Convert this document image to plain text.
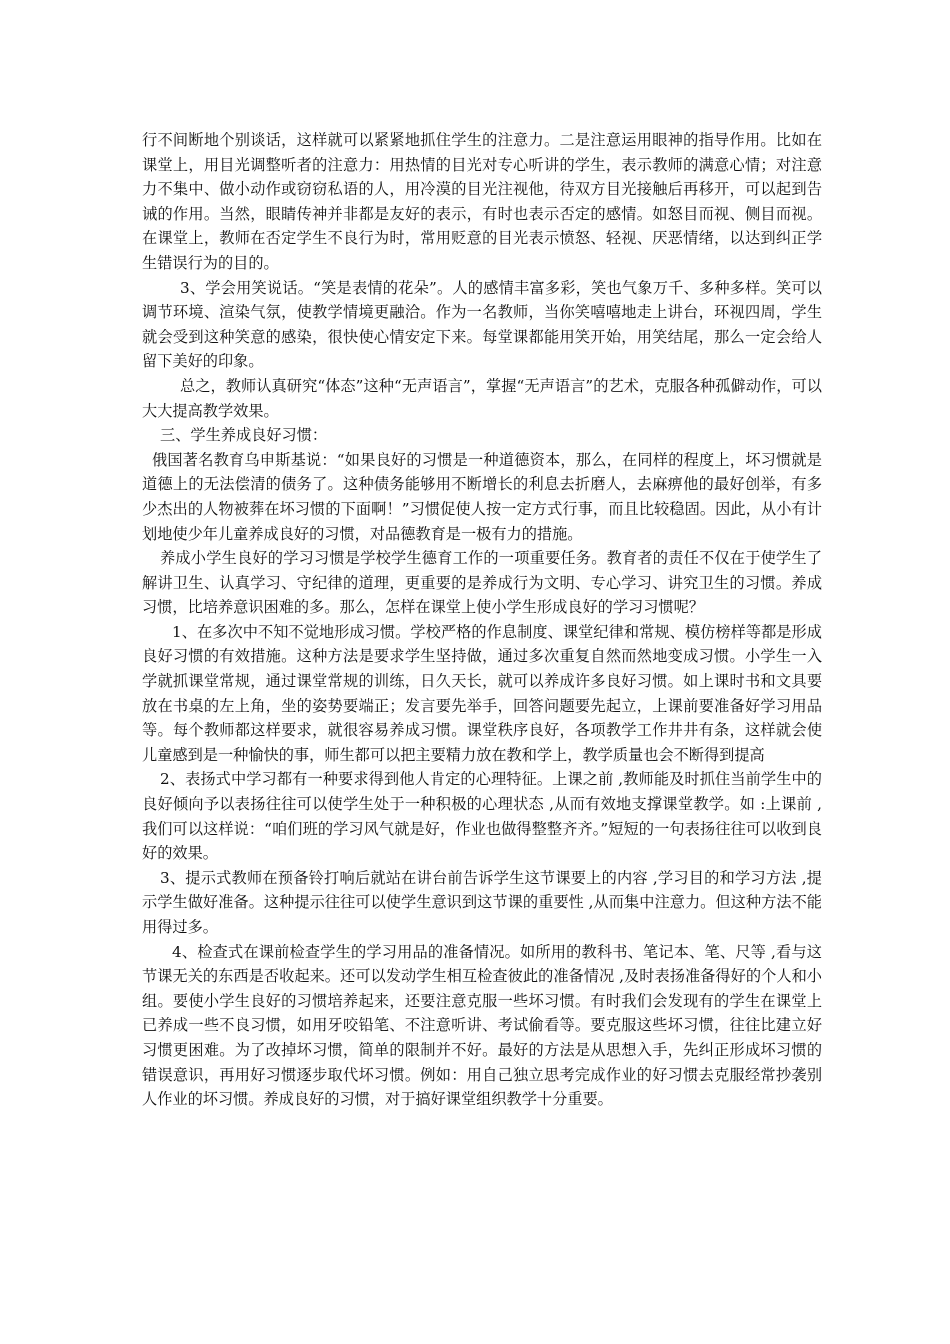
行不间断地个别谈话，这样就可以紧紧地抓住学生的注意力。二是注意运用眼神的指导作用。比如在课堂上，用目光调整听者的注意力：用热情的目光对专心听讲的学生，表示教师的满意心情；对注意力不集中、做小动作或窃窃私语的人，用冷漠的目光注视他，待双方目光接触后再移开，可以起到告诫的作用。当然，眼睛传神并非都是友好的表示，有时也表示否定的感情。如怒目而视、侧目而视。在课堂上，教师在否定学生不良行为时，常用贬意的目光表示愤怒、轻视、厌恶情绪，以达到纠正学生错误行为的目的。

3、学会用笑说话。“笑是表情的花朵”。人的感情丰富多彩，笑也气象万千、多种多样。笑可以调节环境、渲染气氛，使教学情境更融洽。作为一名教师，当你笑嘻嘻地走上讲台，环视四周，学生就会受到这种笑意的感染，很快使心情安定下来。每堂课都能用笑开始，用笑结尾，那么一定会给人留下美好的印象。

总之，教师认真研究“体态”这种“无声语言”，掌握“无声语言”的艺术，克服各种孤僻动作，可以大大提高教学效果。

三、学生养成良好习惯：

俄国著名教育乌申斯基说：“如果良好的习惯是一种道德资本，那么，在同样的程度上，坏习惯就是道德上的无法偿清的债务了。这种债务能够用不断增长的利息去折磨人，去麻痹他的最好创举，有多少杰出的人物被葬在坏习惯的下面啊！”习惯促使人按一定方式行事，而且比较稳固。因此，从小有计划地使少年儿童养成良好的习惯，对品德教育是一极有力的措施。

养成小学生良好的学习习惯是学校学生德育工作的一项重要任务。教育者的责任不仅在于使学生了解讲卫生、认真学习、守纪律的道理，更重要的是养成行为文明、专心学习、讲究卫生的习惯。养成习惯，比培养意识困难的多。那么，怎样在课堂上使小学生形成良好的学习习惯呢？

1、在多次中不知不觉地形成习惯。学校严格的作息制度、课堂纪律和常规、模仿榜样等都是形成良好习惯的有效措施。这种方法是要求学生坚持做，通过多次重复自然而然地变成习惯。小学生一入学就抓课堂常规，通过课堂常规的训练，日久天长，就可以养成许多良好习惯。如上课时书和文具要放在书桌的左上角，坐的姿势要端正；发言要先举手，回答问题要先起立，上课前要准备好学习用品等。每个教师都这样要求，就很容易养成习惯。课堂秩序良好，各项教学工作井井有条，这样就会使儿童感到是一种愉快的事，师生都可以把主要精力放在教和学上，教学质量也会不断得到提高

2、表扬式中学习都有一种要求得到他人肯定的心理特征。上课之前 ,教师能及时抓住当前学生中的良好倾向予以表扬往往可以使学生处于一种积极的心理状态 ,从而有效地支撑课堂教学。如 :上课前 ,我们可以这样说：“咱们班的学习风气就是好，作业也做得整整齐齐。”短短的一句表扬往往可以收到良好的效果。

3、提示式教师在预备铃打响后就站在讲台前告诉学生这节课要上的内容 ,学习目的和学习方法 ,提示学生做好准备。这种提示往往可以使学生意识到这节课的重要性 ,从而集中注意力。但这种方法不能用得过多。

4、检查式在课前检查学生的学习用品的准备情况。如所用的教科书、笔记本、笔、尺等 ,看与这节课无关的东西是否收起来。还可以发动学生相互检查彼此的准备情况 ,及时表扬准备得好的个人和小组。要使小学生良好的习惯培养起来，还要注意克服一些坏习惯。有时我们会发现有的学生在课堂上已养成一些不良习惯，如用牙咬铅笔、不注意听讲、考试偷看等。要克服这些坏习惯，往往比建立好习惯更困难。为了改掉坏习惯，简单的限制并不好。最好的方法是从思想入手，先纠正形成坏习惯的错误意识，再用好习惯逐步取代坏习惯。例如：用自己独立思考完成作业的好习惯去克服经常抄袭别人作业的坏习惯。养成良好的习惯，对于搞好课堂组织教学十分重要。
